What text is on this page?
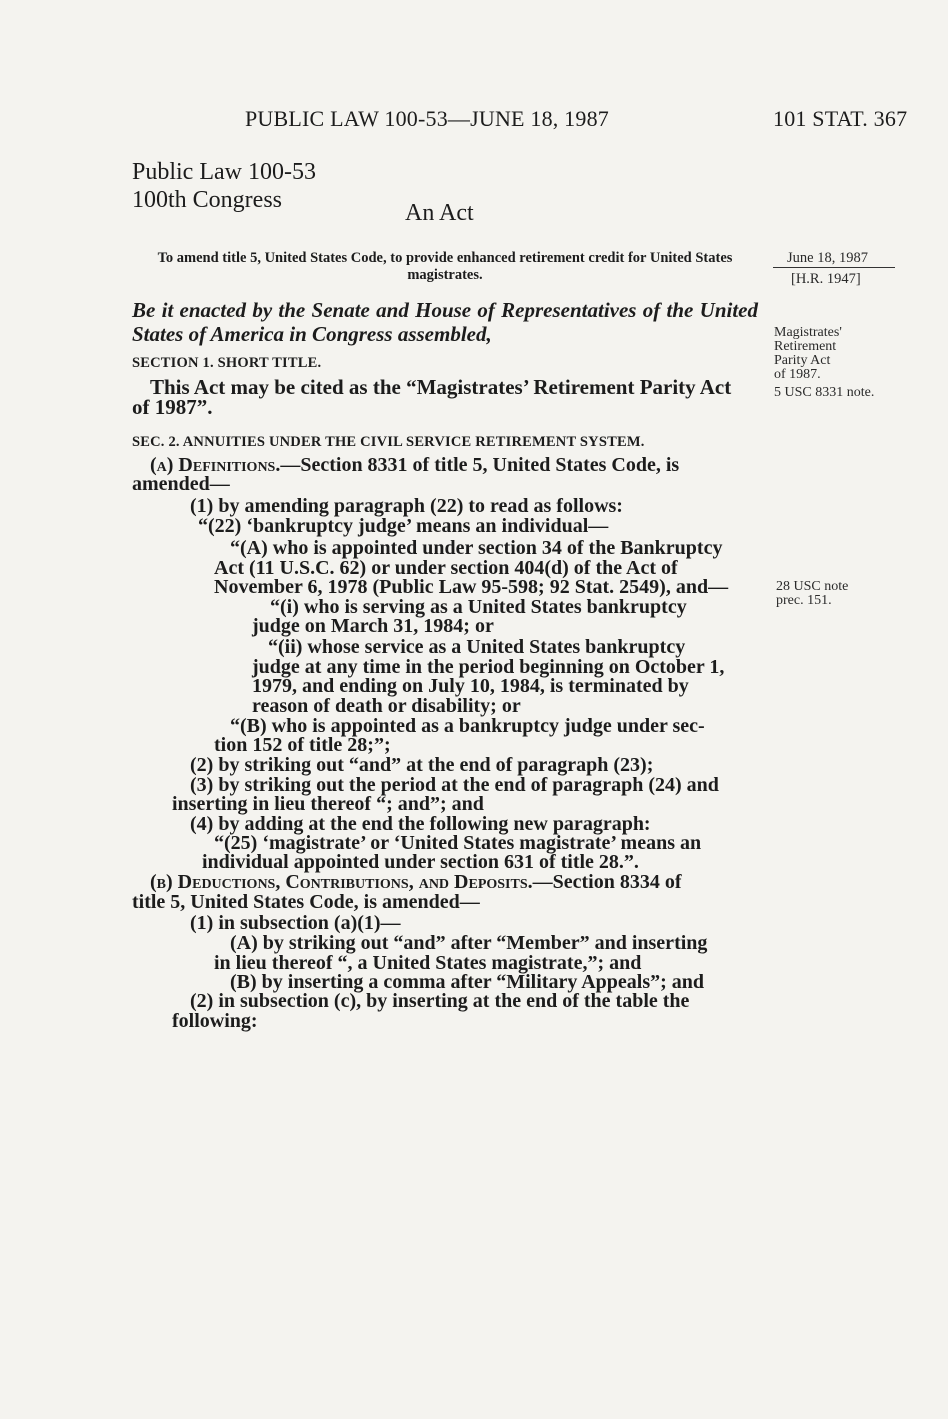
PUBLIC LAW 100-53—JUNE 18, 1987	101 STAT. 367
Public Law 100-53
100th Congress	An Act
To amend title 5, United States Code, to provide enhanced retirement credit for United States magistrates.
June 18, 1987
[H.R. 1947]
Magistrates'
Retirement
Parity Act
of 1987.
5 USC 8331 note.
28 USC note
prec. 151.
Be it enacted by the Senate and House of Representatives of the United States of America in Congress assembled,
SECTION 1. SHORT TITLE.
This Act may be cited as the “Magistrates’ Retirement Parity Act
of 1987”.
SEC. 2. ANNUITIES UNDER THE CIVIL SERVICE RETIREMENT SYSTEM.
(a) Definitions.—Section 8331 of title 5, United States Code, is
amended—
(1) by amending paragraph (22) to read as follows:
“(22) ‘bankruptcy judge’ means an individual—
“(A) who is appointed under section 34 of the Bankruptcy
Act (11 U.S.C. 62) or under section 404(d) of the Act of
November 6, 1978 (Public Law 95-598; 92 Stat. 2549), and—
“(i) who is serving as a United States bankruptcy
judge on March 31, 1984; or
“(ii) whose service as a United States bankruptcy
judge at any time in the period beginning on October 1,
1979, and ending on July 10, 1984, is terminated by
reason of death or disability; or
“(B) who is appointed as a bankruptcy judge under sec-
tion 152 of title 28;”;
(2) by striking out “and” at the end of paragraph (23);
(3) by striking out the period at the end of paragraph (24) and
inserting in lieu thereof “; and”; and
(4) by adding at the end the following new paragraph:
“(25) ‘magistrate’ or ‘United States magistrate’ means an
individual appointed under section 631 of title 28.”.
(b) Deductions, Contributions, and Deposits.—Section 8334 of
title 5, United States Code, is amended—
(1) in subsection (a)(1)—
(A) by striking out “and” after “Member” and inserting
in lieu thereof “, a United States magistrate,”; and
(B) by inserting a comma after “Military Appeals”; and
(2) in subsection (c), by inserting at the end of the table the
following:
